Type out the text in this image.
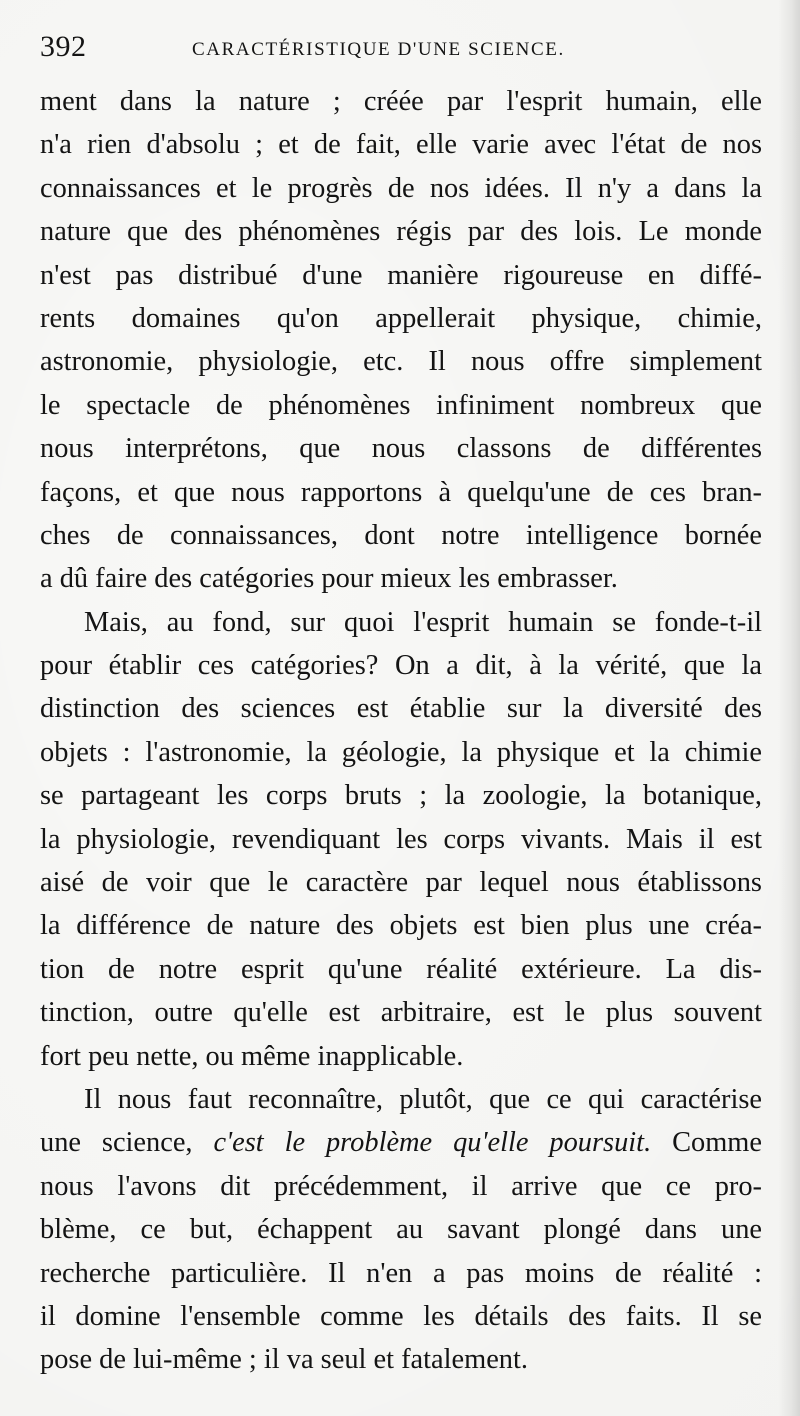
392	CARACTÉRISTIQUE D'UNE SCIENCE.
ment dans la nature ; créée par l'esprit humain, elle
n'a rien d'absolu ; et de fait, elle varie avec l'état de nos
connaissances et le progrès de nos idées. Il n'y a dans la
nature que des phénomènes régis par des lois. Le monde
n'est pas distribué d'une manière rigoureuse en diffé-
rents domaines qu'on appellerait physique, chimie,
astronomie, physiologie, etc. Il nous offre simplement
le spectacle de phénomènes infiniment nombreux que
nous interprétons, que nous classons de différentes
façons, et que nous rapportons à quelqu'une de ces bran-
ches de connaissances, dont notre intelligence bornée
a dû faire des catégories pour mieux les embrasser.
Mais, au fond, sur quoi l'esprit humain se fonde-t-il
pour établir ces catégories? On a dit, à la vérité, que la
distinction des sciences est établie sur la diversité des
objets : l'astronomie, la géologie, la physique et la chimie
se partageant les corps bruts ; la zoologie, la botanique,
la physiologie, revendiquant les corps vivants. Mais il est
aisé de voir que le caractère par lequel nous établissons
la différence de nature des objets est bien plus une créa-
tion de notre esprit qu'une réalité extérieure. La dis-
tinction, outre qu'elle est arbitraire, est le plus souvent
fort peu nette, ou même inapplicable.
Il nous faut reconnaître, plutôt, que ce qui caractérise
une science, c'est le problème qu'elle poursuit. Comme
nous l'avons dit précédemment, il arrive que ce pro-
blème, ce but, échappent au savant plongé dans une
recherche particulière. Il n'en a pas moins de réalité :
il domine l'ensemble comme les détails des faits. Il se
pose de lui-même ; il va seul et fatalement.
